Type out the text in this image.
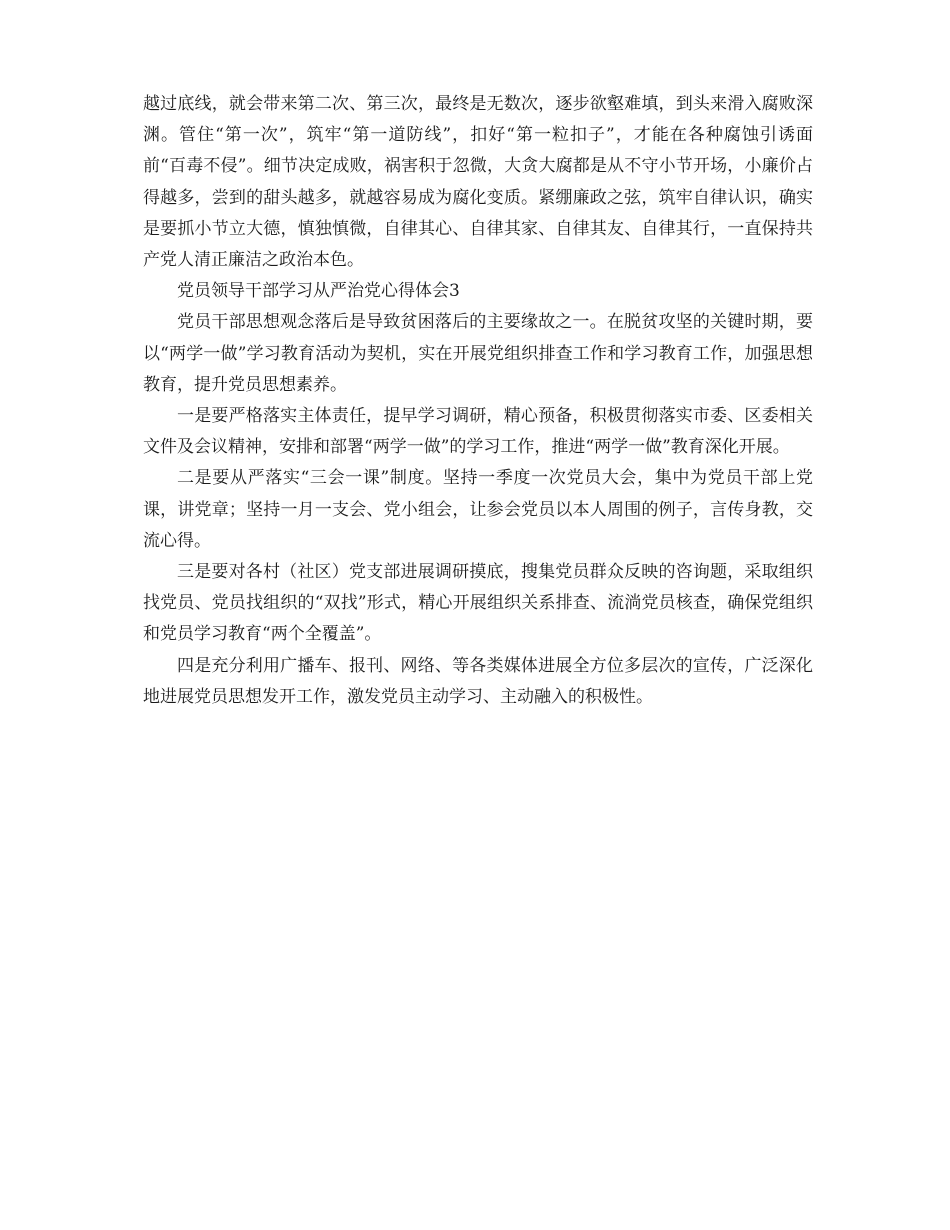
越过底线，就会带来第二次、第三次，最终是无数次，逐步欲壑难填，到头来滑入腐败深渊。管住“第一次”，筑牢“第一道防线”，扣好“第一粒扣子”，才能在各种腐蚀引诱面前“百毒不侵”。细节决定成败，祸害积于忽微，大贪大腐都是从不守小节开场，小廉价占得越多，尝到的甜头越多，就越容易成为腐化变质。紧绷廉政之弦，筑牢自律认识，确实是要抓小节立大德，慎独慎微，自律其心、自律其家、自律其友、自律其行，一直保持共产党人清正廉洁之政治本色。

党员领导干部学习从严治党心得体会3

党员干部思想观念落后是导致贫困落后的主要缘故之一。在脱贫攻坚的关键时期，要以“两学一做”学习教育活动为契机，实在开展党组织排查工作和学习教育工作，加强思想教育，提升党员思想素养。

一是要严格落实主体责任，提早学习调研，精心预备，积极贯彻落实市委、区委相关文件及会议精神，安排和部署“两学一做”的学习工作，推进“两学一做”教育深化开展。

二是要从严落实“三会一课”制度。坚持一季度一次党员大会，集中为党员干部上党课，讲党章；坚持一月一支会、党小组会，让参会党员以本人周围的例子，言传身教，交流心得。

三是要对各村（社区）党支部进展调研摸底，搜集党员群众反映的咨询题，采取组织找党员、党员找组织的“双找”形式，精心开展组织关系排查、流淌党员核查，确保党组织和党员学习教育“两个全覆盖”。

四是充分利用广播车、报刊、网络、等各类媒体进展全方位多层次的宣传，广泛深化地进展党员思想发开工作，激发党员主动学习、主动融入的积极性。
